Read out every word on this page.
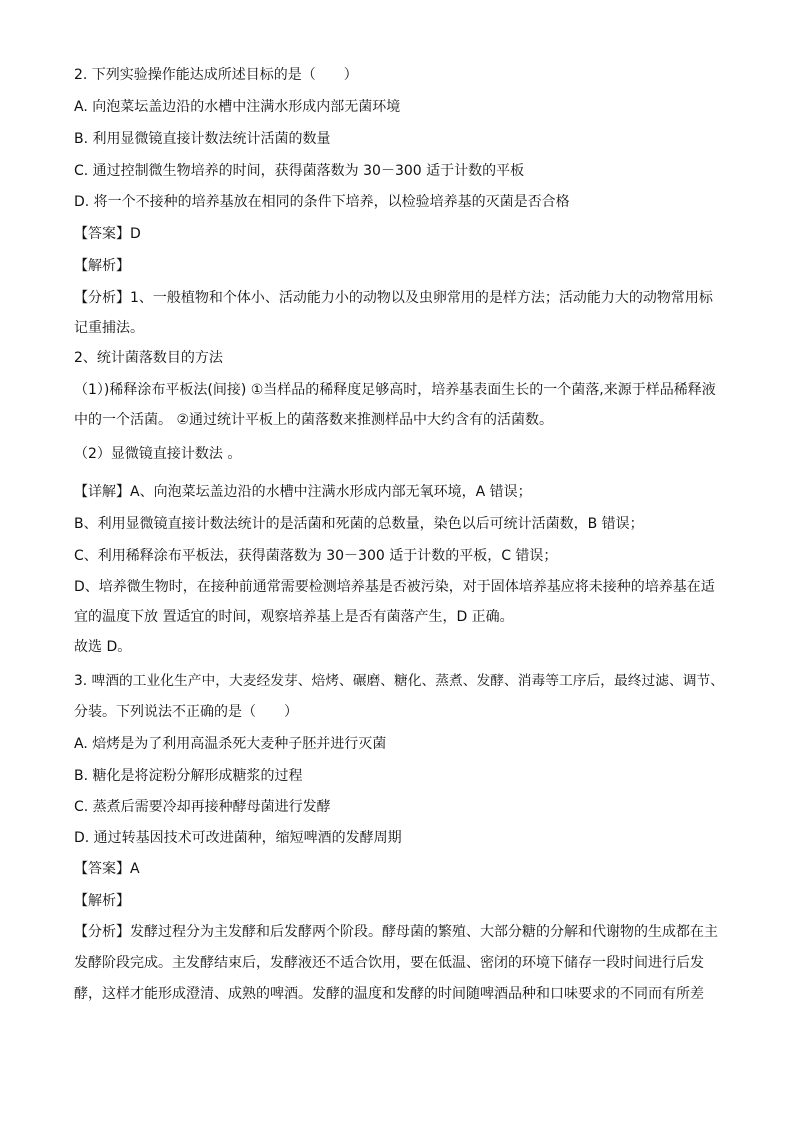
2. 下列实验操作能达成所述目标的是（　　）
A. 向泡菜坛盖边沿的水槽中注满水形成内部无菌环境
B. 利用显微镜直接计数法统计活菌的数量
C. 通过控制微生物培养的时间，获得菌落数为 30－300 适于计数的平板
D. 将一个不接种的培养基放在相同的条件下培养，以检验培养基的灭菌是否合格
【答案】D
【解析】
【分析】1、一般植物和个体小、活动能力小的动物以及虫卵常用的是样方法；活动能力大的动物常用标
记重捕法。
2、统计菌落数目的方法
（1）)稀释涂布平板法(间接) ①当样品的稀释度足够高时，培养基表面生长的一个菌落,来源于样品稀释液
中的一个活菌。 ②通过统计平板上的菌落数来推测样品中大约含有的活菌数。
（2）显微镜直接计数法 。
【详解】A、向泡菜坛盖边沿的水槽中注满水形成内部无氧环境，A 错误；
B、利用显微镜直接计数法统计的是活菌和死菌的总数量，染色以后可统计活菌数，B 错误；
C、利用稀释涂布平板法，获得菌落数为 30－300 适于计数的平板，C 错误；
D、培养微生物时，在接种前通常需要检测培养基是否被污染，对于固体培养基应将未接种的培养基在适
宜的温度下放 置适宜的时间，观察培养基上是否有菌落产生，D 正确。
故选 D。
3. 啤酒的工业化生产中，大麦经发芽、焙烤、碾磨、糖化、蒸煮、发酵、消毒等工序后，最终过滤、调节、
分装。下列说法不正确的是（　　）
A. 焙烤是为了利用高温杀死大麦种子胚并进行灭菌
B. 糖化是将淀粉分解形成糖浆的过程
C. 蒸煮后需要冷却再接种酵母菌进行发酵
D. 通过转基因技术可改进菌种，缩短啤酒的发酵周期
【答案】A
【解析】
【分析】发酵过程分为主发酵和后发酵两个阶段。酵母菌的繁殖、大部分糖的分解和代谢物的生成都在主
发酵阶段完成。主发酵结束后，发酵液还不适合饮用，要在低温、密闭的环境下储存一段时间进行后发
酵，这样才能形成澄清、成熟的啤酒。发酵的温度和发酵的时间随啤酒品种和口味要求的不同而有所差
